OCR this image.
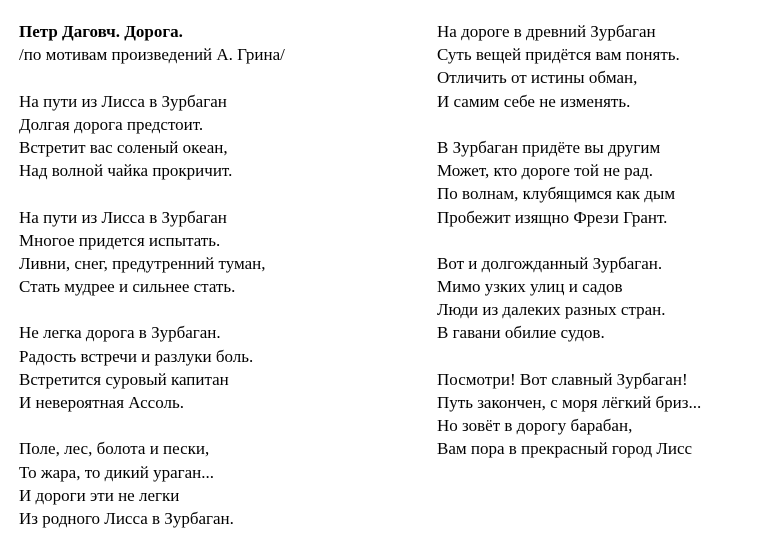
Петр Даговч. Дорога.
/по мотивам произведений А. Грина/
На пути из Лисса в Зурбаган
Долгая дорога предстоит.
Встретит вас соленый океан,
Над волной чайка прокричит.
На пути из Лисса в Зурбаган
Многое придется испытать.
Ливни, снег, предутренний туман,
Стать мудрее и сильнее стать.
Не легка дорога в Зурбаган.
Радость встречи и разлуки боль.
Встретится суровый капитан
И невероятная Ассоль.
Поле, лес, болота и пески,
То жара, то дикий ураган...
И дороги эти не легки
Из родного Лисса в Зурбаган.
На дороге в древний Зурбаган
Суть вещей придётся вам понять.
Отличить от истины обман,
И самим себе не изменять.
В Зурбаган придёте вы другим
Может, кто дороге той не рад.
По волнам, клубящимся как дым
Пробежит изящно Фрези Грант.
Вот и долгожданный Зурбаган.
Мимо узких улиц и садов
Люди из далеких разных стран.
В гавани обилие судов.
Посмотри! Вот славный Зурбаган!
Путь закончен, с моря лёгкий бриз...
Но зовёт в дорогу барабан,
Вам пора в прекрасный город Лисс
